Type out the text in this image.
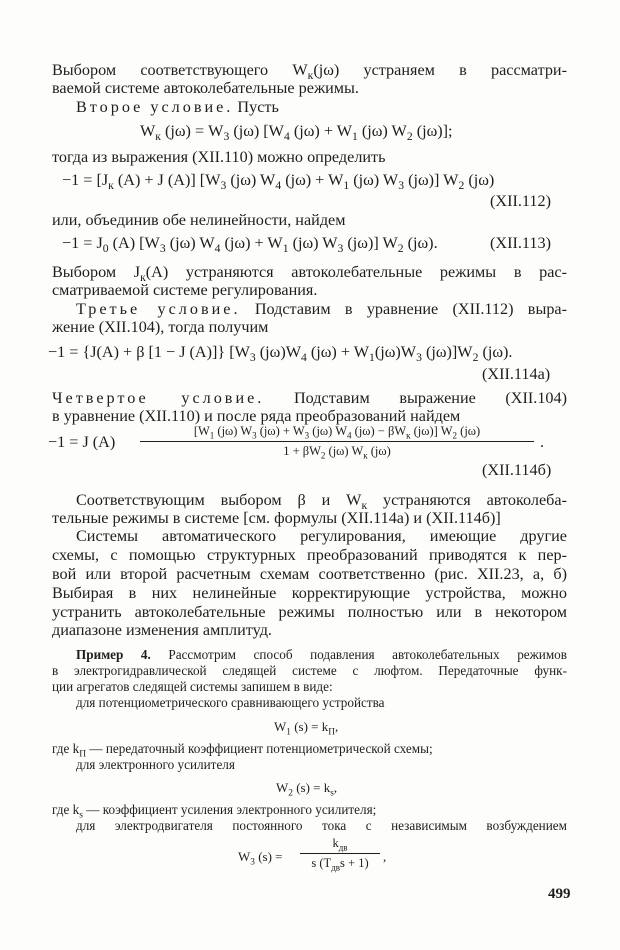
Выбором соответствующего $W_к(j\omega)$ устраняем в рассматри-
ваемой системе автоколебательные режимы.
Второе условие. Пусть
$W_к$ $(j\omega) = W_3$ (jω) [$W_4$ $(j\omega) + W_1$ (jω) $W_2$ (jω)];
тогда из выражения (XII.110) можно определить
$-1 = [J_к$ (A) + J (A)] [$W_3$ (jω) $W_4$ $(j\omega) + W_1$ (jω) $W_3$ (jω)] $W_2$ (jω)
(XII.112)
или, объединив обе нелинейности, найдем
$-1 = J_0$ (A) [$W_3$ (jω) $W_4$ $(j\omega) + W_1$ (jω) $W_3$ (jω)] $W_2$ (jω).	(XII.113)
Выбором $J_к(A)$ устраняются автоколебательные режимы в рас-
сматриваемой системе регулирования.
Третье условие. Подставим в уравнение (XII.112) выра-
жение (XII.104), тогда получим
−1 = {J(A) + β [1 − J (A)]} [$W_3$ $(j\omega)W_4$ $(j\omega) + W_1(j\omega)W_3$ $(j\omega)]W_2$ (jω).
(XII.114а)
Четвертое условие. Подставим выражение (XII.104)
в уравнение (XII.110) и после ряда преобразований найдем
−1 = J (A)
[$W_1$ (jω) $W_3$ $(j\omega) + W_3$ (jω) $W_4$ $(j\omega) - \beta W_к$ (jω)] $W_2$ (jω)
$1 + \beta W_2$ (jω) $W_к$ (jω)	.
(XII.114б)
Соответствующим выбором β и $W_к$ устраняются автоколеба-
тельные режимы в системе [см. формулы (XII.114а) и (XII.114б)]
Системы автоматического регулирования, имеющие другие
схемы, с помощью структурных преобразований приводятся к пер-
вой или второй расчетным схемам соответственно (рис. XII.23, а, б)
Выбирая в них нелинейные корректирующие устройства, можно
устранить автоколебательные режимы полностью или в некотором
диапазоне изменения амплитуд.
Пример 4. Рассмотрим способ подавления автоколебательных режимов
в электрогидравлической следящей системе с люфтом. Передаточные функ-
ции агрегатов следящей системы запишем в виде:
для потенциометрического сравнивающего устройства
$W_1$ $(s) = k_П$,
где $k_П$ — передаточный коэффициент потенциометрической схемы;
для электронного усилителя
$W_2$ $(s) = k_s$,
где $k_s$ — коэффициент усиления электронного усилителя;
для электродвигателя постоянного тока с независимым возбуждением
$W_3$ (s) =
$k_{дв}$
s $(T_{дв}s + 1)$	,
499
